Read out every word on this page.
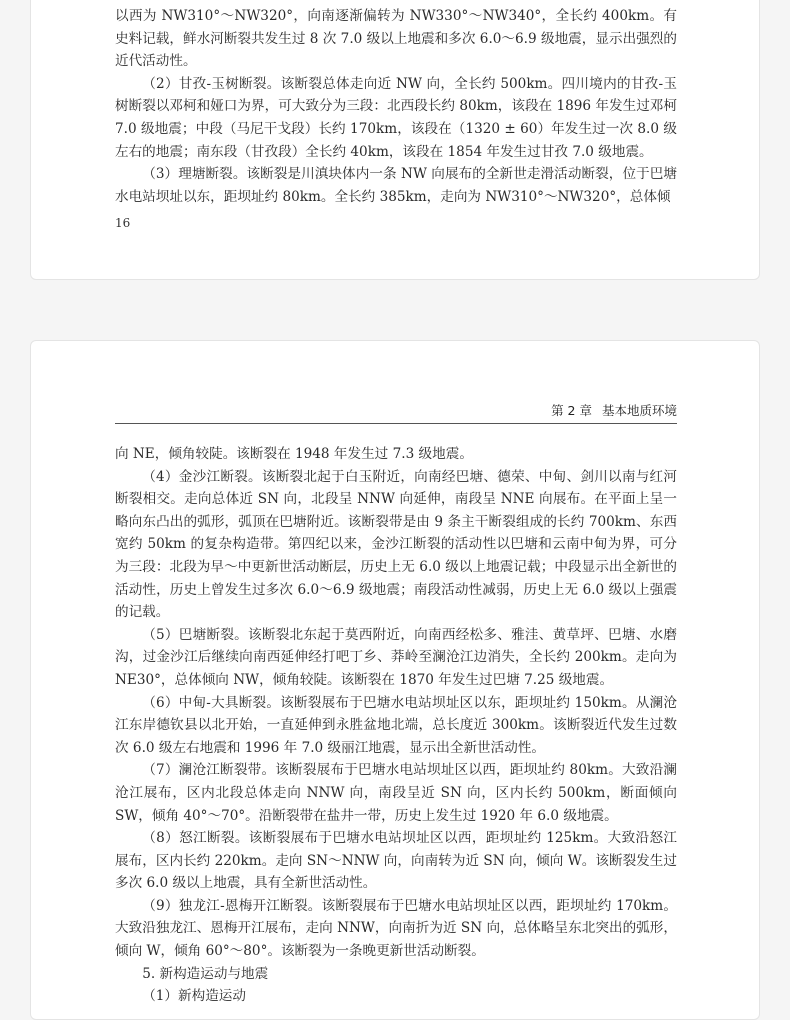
以西为 NW310°～NW320°，向南逐渐偏转为 NW330°～NW340°，全长约 400km。有史料记载，鲜水河断裂共发生过 8 次 7.0 级以上地震和多次 6.0～6.9 级地震，显示出强烈的近代活动性。

（2）甘孜-玉树断裂。该断裂总体走向近 NW 向，全长约 500km。四川境内的甘孜-玉树断裂以邓柯和娅口为界，可大致分为三段：北西段长约 80km，该段在 1896 年发生过邓柯 7.0 级地震；中段（马尼干戈段）长约 170km，该段在（1320 ± 60）年发生过一次 8.0 级左右的地震；南东段（甘孜段）全长约 40km，该段在 1854 年发生过甘孜 7.0 级地震。

（3）理塘断裂。该断裂是川滇块体内一条 NW 向展布的全新世走滑活动断裂，位于巴塘水电站坝址以东，距坝址约 80km。全长约 385km，走向为 NW310°～NW320°，总体倾

16
第 2 章 基本地质环境

向 NE，倾角较陡。该断裂在 1948 年发生过 7.3 级地震。

（4）金沙江断裂。该断裂北起于白玉附近，向南经巴塘、德荣、中甸、剑川以南与红河断裂相交。走向总体近 SN 向，北段呈 NNW 向延伸，南段呈 NNE 向展布。在平面上呈一略向东凸出的弧形，弧顶在巴塘附近。该断裂带是由 9 条主干断裂组成的长约 700km、东西宽约 50km 的复杂构造带。第四纪以来，金沙江断裂的活动性以巴塘和云南中甸为界，可分为三段：北段为早～中更新世活动断层，历史上无 6.0 级以上地震记载；中段显示出全新世的活动性，历史上曾发生过多次 6.0～6.9 级地震；南段活动性减弱，历史上无 6.0 级以上强震的记载。

（5）巴塘断裂。该断裂北东起于莫西附近，向南西经松多、雅洼、黄草坪、巴塘、水磨沟，过金沙江后继续向南西延伸经打吧丁乡、莽岭至澜沧江边消失，全长约 200km。走向为 NE30°，总体倾向 NW，倾角较陡。该断裂在 1870 年发生过巴塘 7.25 级地震。

（6）中甸-大具断裂。该断裂展布于巴塘水电站坝址区以东，距坝址约 150km。从澜沧江东岸德钦县以北开始，一直延伸到永胜盆地北端，总长度近 300km。该断裂近代发生过数次 6.0 级左右地震和 1996 年 7.0 级丽江地震，显示出全新世活动性。

（7）澜沧江断裂带。该断裂展布于巴塘水电站坝址区以西，距坝址约 80km。大致沿澜沧江展布，区内北段总体走向 NNW 向，南段呈近 SN 向，区内长约 500km，断面倾向 SW，倾角 40°～70°。沿断裂带在盐井一带，历史上发生过 1920 年 6.0 级地震。

（8）怒江断裂。该断裂展布于巴塘水电站坝址区以西，距坝址约 125km。大致沿怒江展布，区内长约 220km。走向 SN～NNW 向，向南转为近 SN 向，倾向 W。该断裂发生过多次 6.0 级以上地震，具有全新世活动性。

（9）独龙江-恩梅开江断裂。该断裂展布于巴塘水电站坝址区以西，距坝址约 170km。大致沿独龙江、恩梅开江展布，走向 NNW，向南折为近 SN 向，总体略呈东北突出的弧形，倾向 W，倾角 60°～80°。该断裂为一条晚更新世活动断裂。

5. 新构造运动与地震

（1）新构造运动
